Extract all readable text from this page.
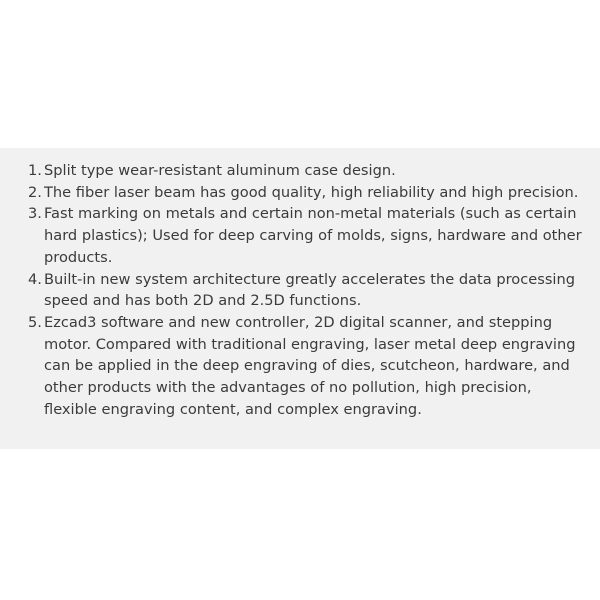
1. Split type wear-resistant aluminum case design.
2. The fiber laser beam has good quality, high reliability and high precision.
3. Fast marking on metals and certain non-metal materials (such as certain hard plastics); Used for deep carving of molds, signs, hardware and other products.
4. Built-in new system architecture greatly accelerates the data processing speed and has both 2D and 2.5D functions.
5. Ezcad3 software and new controller, 2D digital scanner, and stepping motor. Compared with traditional engraving, laser metal deep engraving can be applied in the deep engraving of dies, scutcheon, hardware, and other products with the advantages of no pollution, high precision, flexible engraving content, and complex engraving.
